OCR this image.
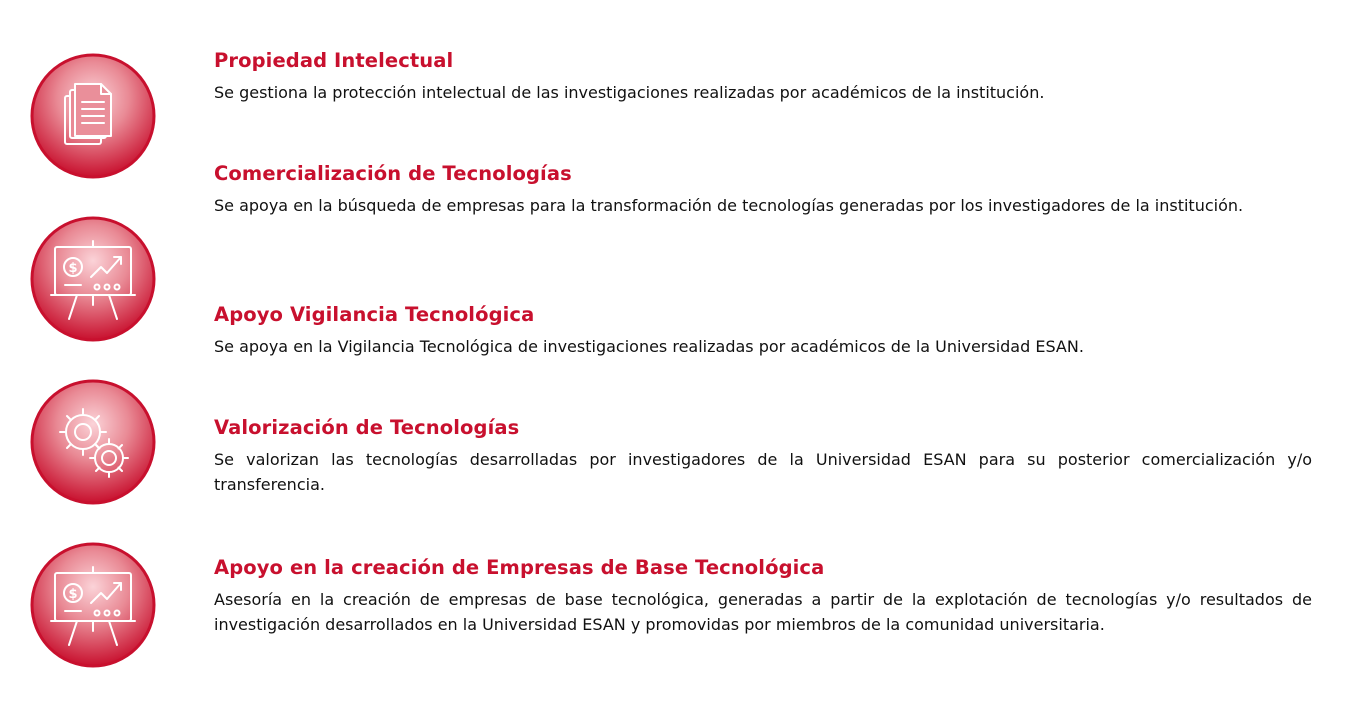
$
$
Propiedad Intelectual

Se gestiona la protección intelectual de las investigaciones realizadas por académicos de la institución.

Comercialización de Tecnologías

Se apoya en la búsqueda de empresas para la transformación de tecnologías generadas por los investigadores de la institución.

Apoyo Vigilancia Tecnológica

Se apoya en la Vigilancia Tecnológica de investigaciones realizadas por académicos de la Universidad ESAN.

Valorización de Tecnologías

Se valorizan las tecnologías desarrolladas por investigadores de la Universidad ESAN para su posterior comercialización y/o transferencia.

Apoyo en la creación de Empresas de Base Tecnológica

Asesoría en la creación de empresas de base tecnológica, generadas a partir de la explotación de tecnologías y/o resultados de investigación desarrollados en la Universidad ESAN y promovidas por miembros de la comunidad universitaria.
